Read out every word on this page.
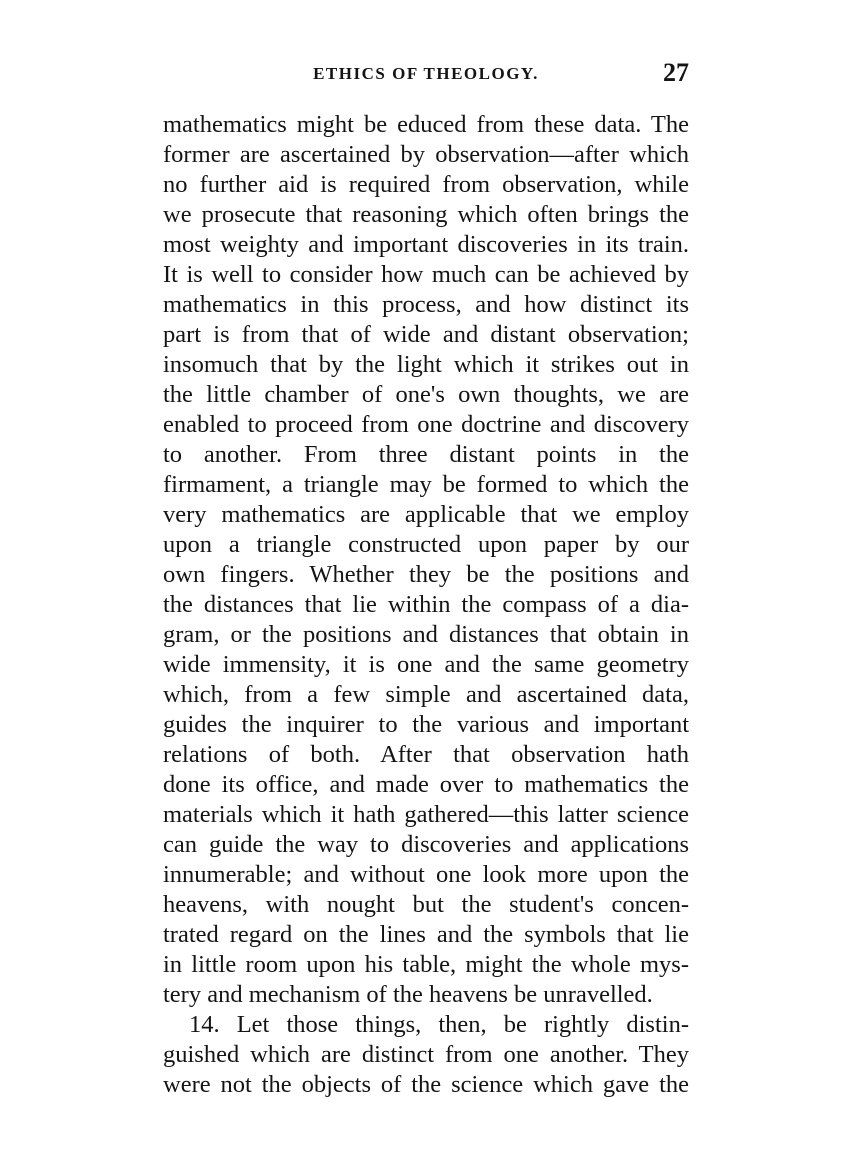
ETHICS OF THEOLOGY.	27
mathematics might be educed from these data. The
former are ascertained by observation—after which
no further aid is required from observation, while
we prosecute that reasoning which often brings the
most weighty and important discoveries in its train.
It is well to consider how much can be achieved by
mathematics in this process, and how distinct its
part is from that of wide and distant observation;
insomuch that by the light which it strikes out in
the little chamber of one's own thoughts, we are
enabled to proceed from one doctrine and discovery
to another. From three distant points in the
firmament, a triangle may be formed to which the
very mathematics are applicable that we employ
upon a triangle constructed upon paper by our
own fingers. Whether they be the positions and
the distances that lie within the compass of a dia-
gram, or the positions and distances that obtain in
wide immensity, it is one and the same geometry
which, from a few simple and ascertained data,
guides the inquirer to the various and important
relations of both. After that observation hath
done its office, and made over to mathematics the
materials which it hath gathered—this latter science
can guide the way to discoveries and applications
innumerable; and without one look more upon the
heavens, with nought but the student's concen-
trated regard on the lines and the symbols that lie
in little room upon his table, might the whole mys-
tery and mechanism of the heavens be unravelled.
14. Let those things, then, be rightly distin-
guished which are distinct from one another. They
were not the objects of the science which gave the
